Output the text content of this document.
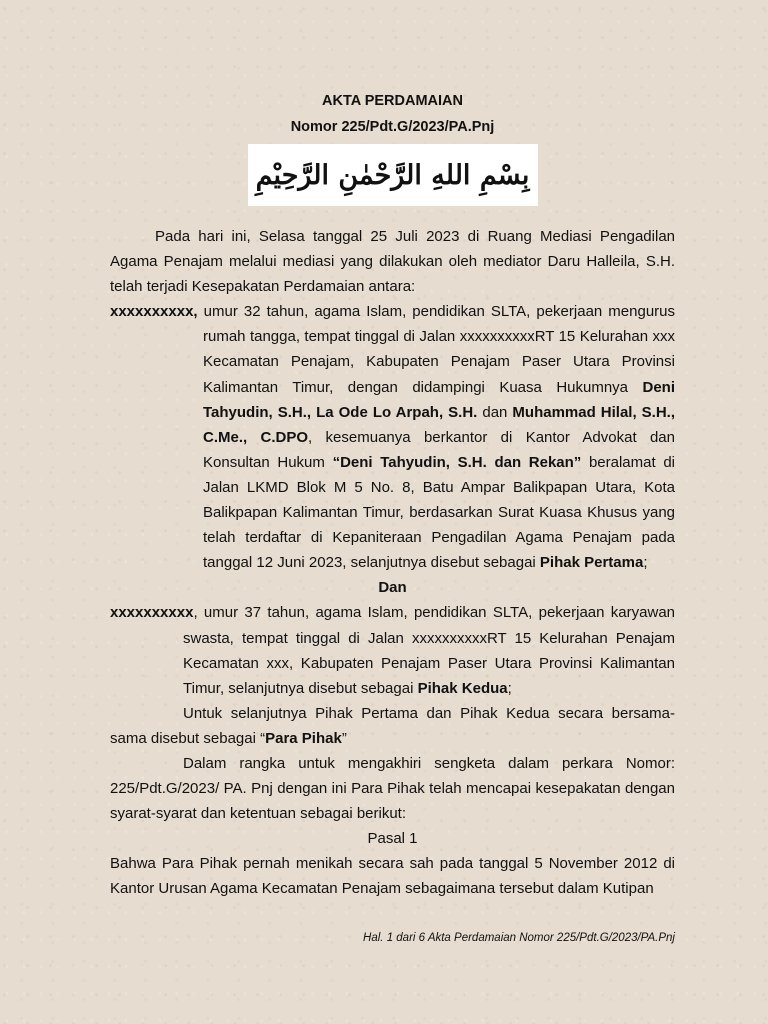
AKTA PERDAMAIAN

Nomor 225/Pdt.G/2023/PA.Pnj

بِسْمِ اللهِ الرَّحْمٰنِ الرَّحِيْمِ

Pada hari ini, Selasa tanggal 25 Juli 2023 di Ruang Mediasi Pengadilan Agama Penajam melalui mediasi yang dilakukan oleh mediator Daru Halleila, S.H. telah terjadi Kesepakatan Perdamaian antara:

xxxxxxxxxx, umur 32 tahun, agama Islam, pendidikan SLTA, pekerjaan mengurus rumah tangga, tempat tinggal di Jalan xxxxxxxxxxRT 15 Kelurahan xxx Kecamatan Penajam, Kabupaten Penajam Paser Utara Provinsi Kalimantan Timur, dengan didampingi Kuasa Hukumnya Deni Tahyudin, S.H., La Ode Lo Arpah, S.H. dan Muhammad Hilal, S.H., C.Me., C.DPO, kesemuanya berkantor di Kantor Advokat dan Konsultan Hukum “Deni Tahyudin, S.H. dan Rekan” beralamat di Jalan LKMD Blok M 5 No. 8, Batu Ampar Balikpapan Utara, Kota Balikpapan Kalimantan Timur, berdasarkan Surat Kuasa Khusus yang telah terdaftar di Kepaniteraan Pengadilan Agama Penajam pada tanggal 12 Juni 2023, selanjutnya disebut sebagai Pihak Pertama;

Dan

xxxxxxxxxx, umur 37 tahun, agama Islam, pendidikan SLTA, pekerjaan karyawan swasta, tempat tinggal di Jalan xxxxxxxxxxRT 15 Kelurahan Penajam Kecamatan xxx, Kabupaten Penajam Paser Utara Provinsi Kalimantan Timur, selanjutnya disebut sebagai Pihak Kedua;

Untuk selanjutnya Pihak Pertama dan Pihak Kedua secara bersama-sama disebut sebagai “Para Pihak”

Dalam rangka untuk mengakhiri sengketa dalam perkara Nomor: 225/Pdt.G/2023/ PA. Pnj dengan ini Para Pihak telah mencapai kesepakatan dengan syarat-syarat dan ketentuan sebagai berikut:

Pasal 1

Bahwa Para Pihak pernah menikah secara sah pada tanggal 5 November 2012 di Kantor Urusan Agama Kecamatan Penajam sebagaimana tersebut dalam Kutipan

Hal. 1 dari 6 Akta Perdamaian Nomor 225/Pdt.G/2023/PA.Pnj
